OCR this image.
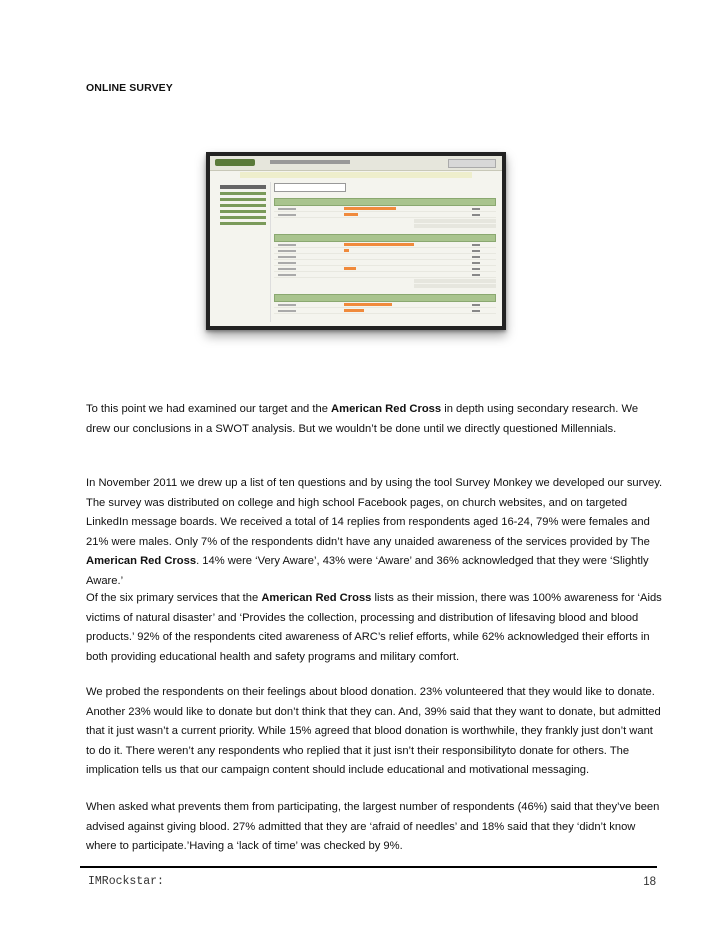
ONLINE SURVEY

To this point we had examined our target and the American Red Cross in depth using secondary research. We drew our conclusions in a SWOT analysis. But we wouldn’t be done until we directly questioned Millennials.

In November 2011 we drew up a list of ten questions and by using the tool Survey Monkey we developed our survey. The survey was distributed on college and high school Facebook pages, on church websites, and on targeted LinkedIn message boards. We received a total of 14 replies from respondents aged 16-24, 79% were females and 21% were males. Only 7% of the respondents didn’t have any unaided awareness of the services provided by The American Red Cross. 14% were ‘Very Aware’, 43% were ‘Aware’ and 36% acknowledged that they were ‘Slightly Aware.’

Of the six primary services that the American Red Cross lists as their mission, there was 100% awareness for ‘Aids victims of natural disaster’ and ‘Provides the collection, processing and distribution of lifesaving blood and blood products.’ 92% of the respondents cited awareness of ARC’s relief efforts, while 62% acknowledged their efforts in both providing educational health and safety programs and military comfort.

We probed the respondents on their feelings about blood donation. 23% volunteered that they would like to donate. Another 23% would like to donate but don’t think that they can. And, 39% said that they want to donate, but admitted that it just wasn’t a current priority. While 15% agreed that blood donation is worthwhile, they frankly just don’t want to do it. There weren’t any respondents who replied that it just isn’t their responsibilityto donate for others. The implication tells us that our campaign content should include educational and motivational messaging.

When asked what prevents them from participating, the largest number of respondents (46%) said that they’ve been advised against giving blood. 27% admitted that they are ‘afraid of needles’ and 18% said that they ‘didn’t know where to participate.’Having a ‘lack of time’ was checked by 9%.

IMRockstar:	18
